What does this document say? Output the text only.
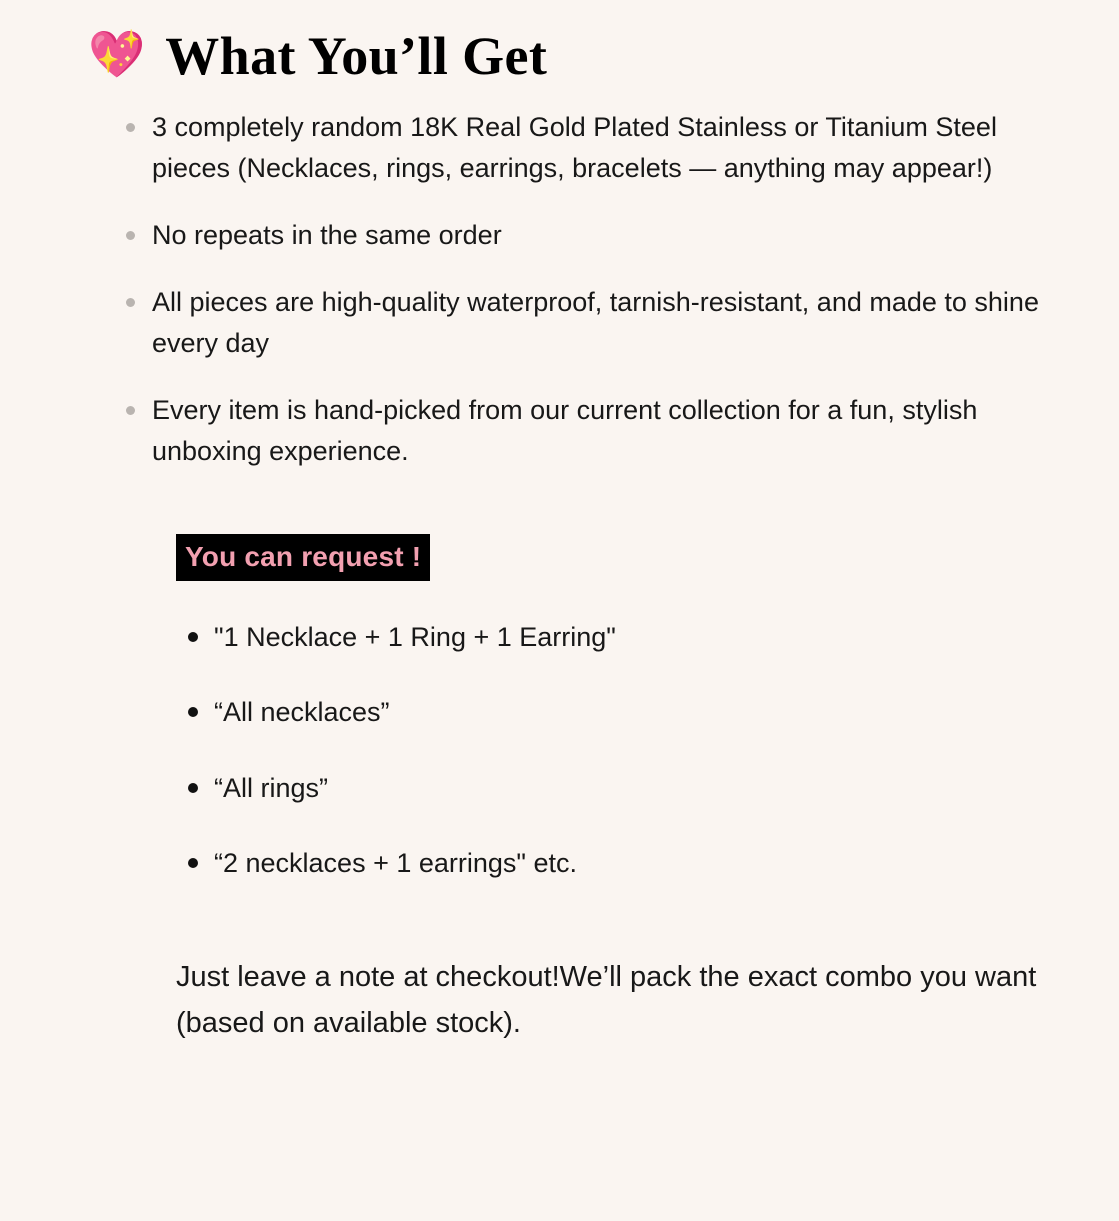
💖 What You’ll Get
3 completely random 18K Real Gold Plated Stainless or Titanium Steel pieces (Necklaces, rings, earrings, bracelets — anything may appear!)
No repeats in the same order
All pieces are high-quality waterproof, tarnish-resistant, and made to shine every day
Every item is hand-picked from our current collection for a fun, stylish unboxing experience.
You can request !
"1 Necklace + 1 Ring + 1 Earring"
“All necklaces”
“All rings”
“2 necklaces + 1 earrings" etc.

Just leave a note at checkout!We’ll pack the exact combo you want (based on available stock).
